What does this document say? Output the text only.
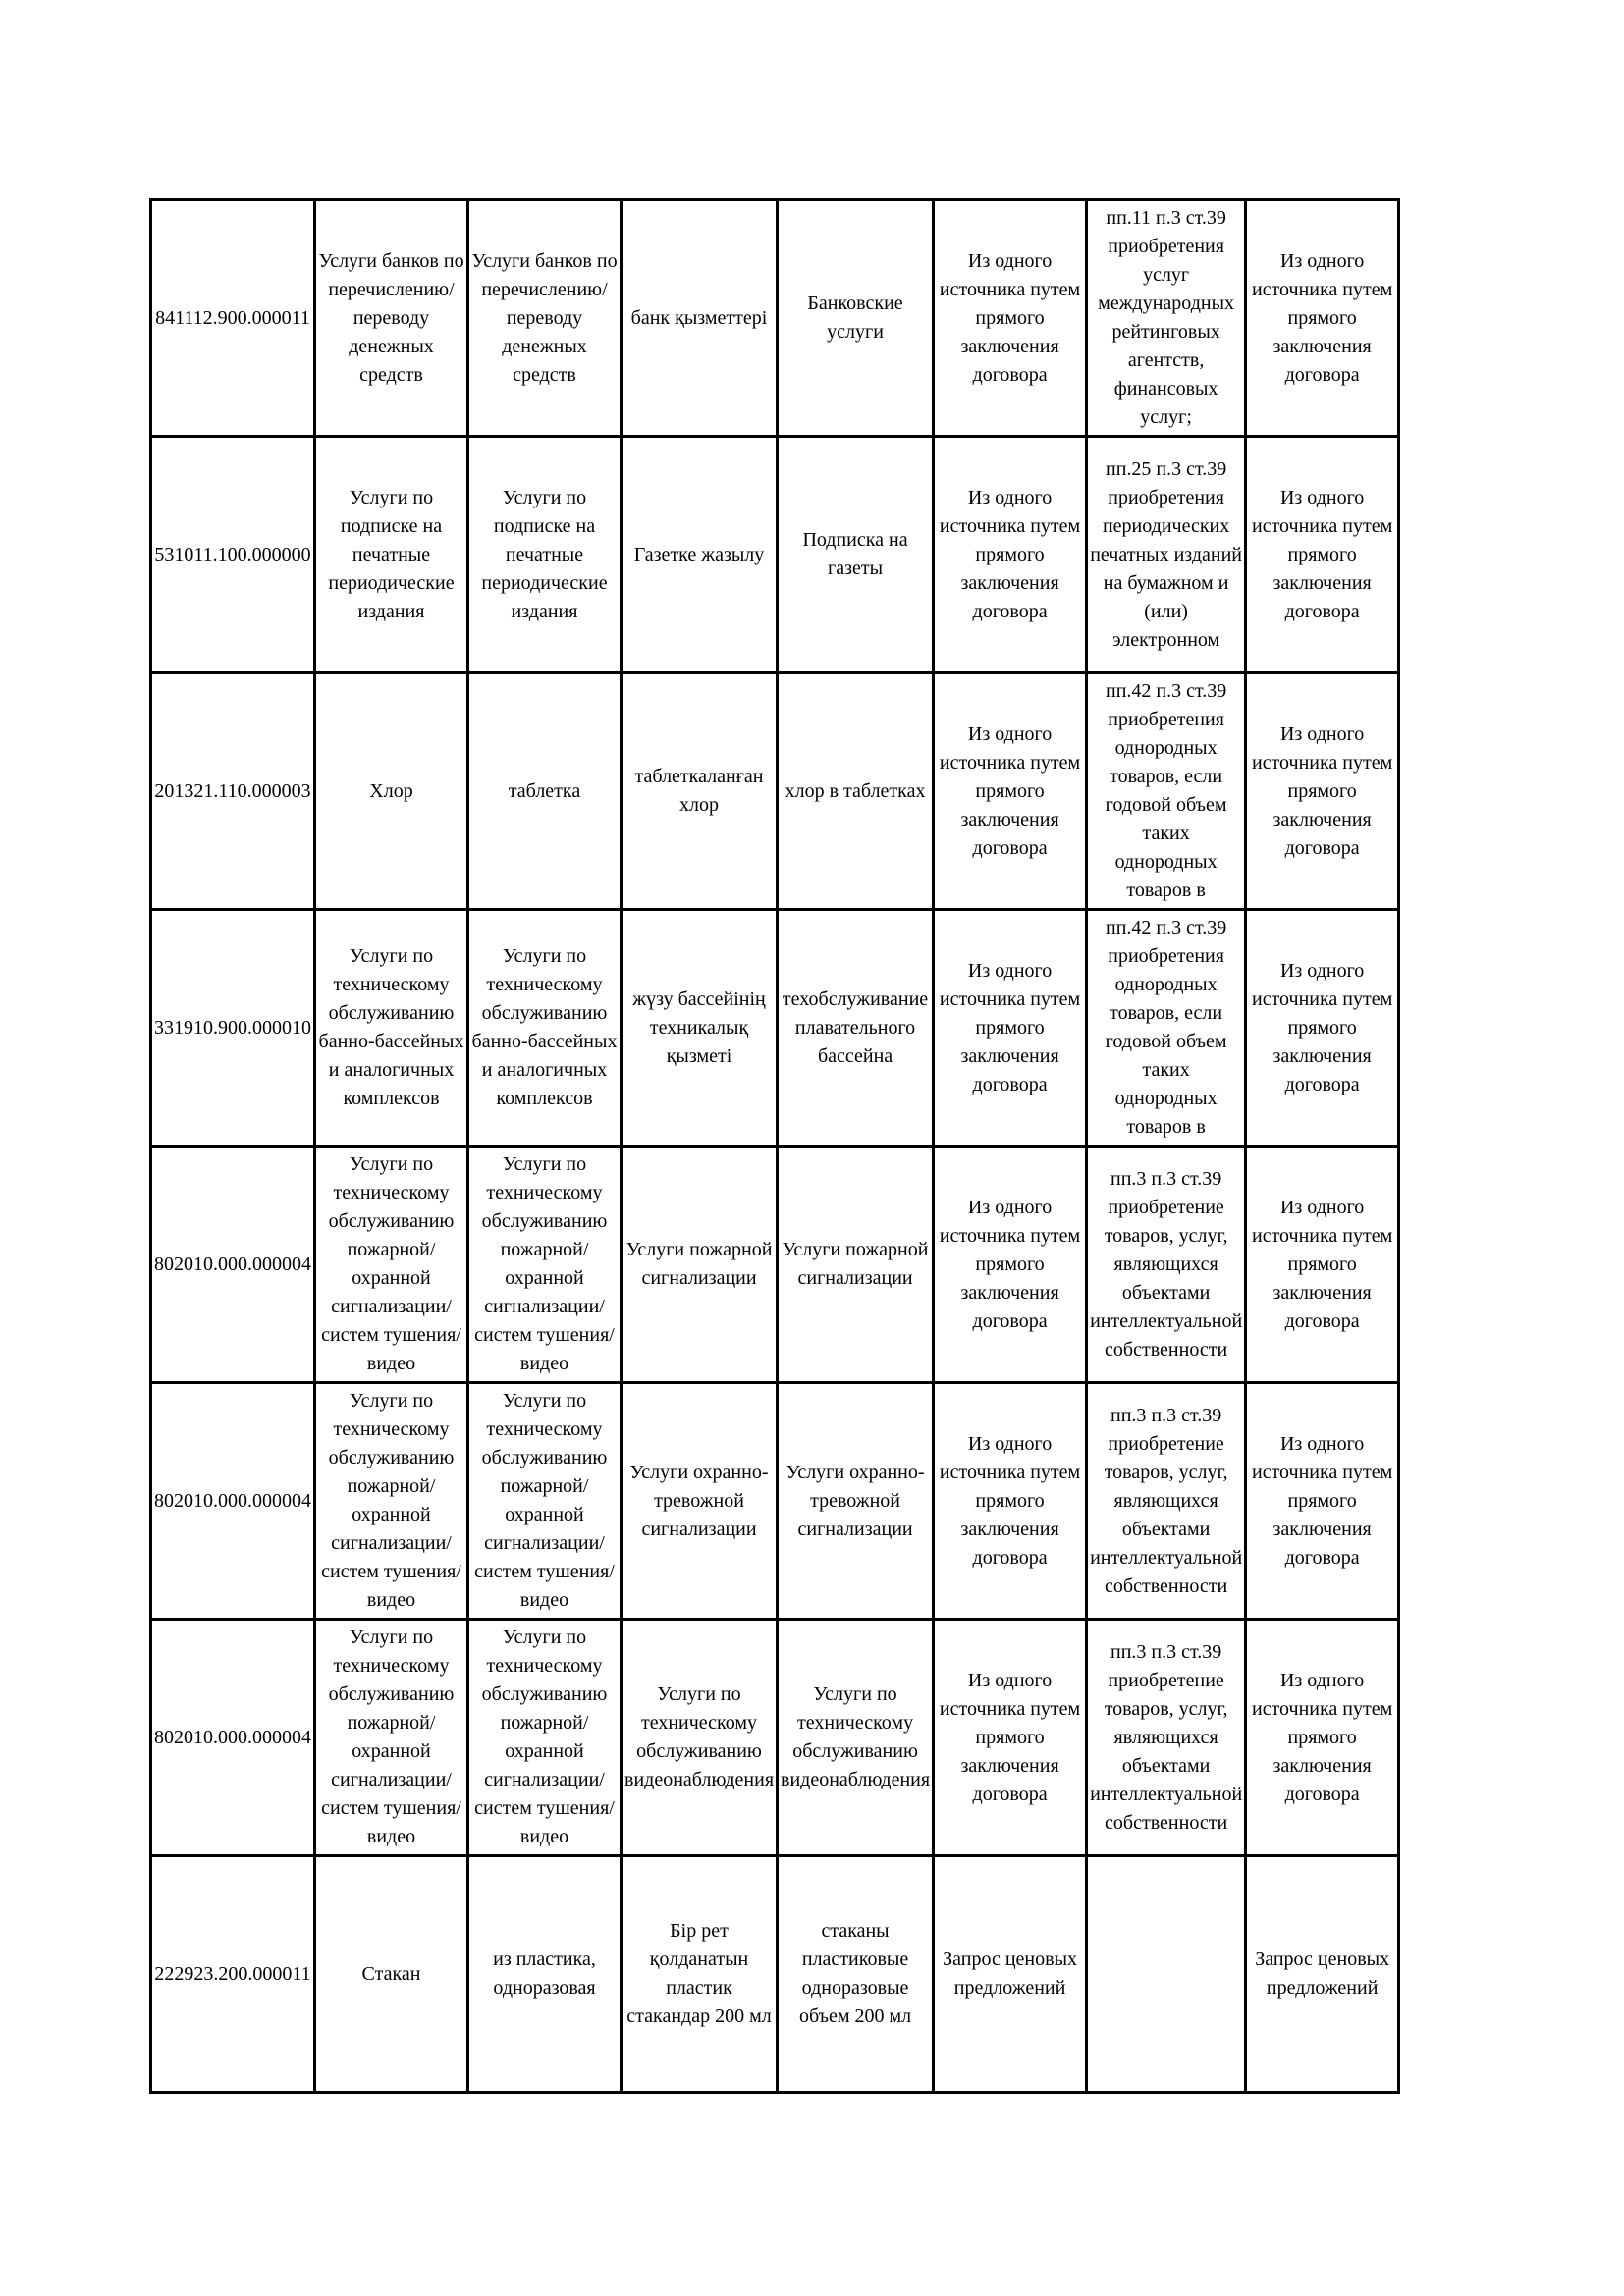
841112.900.000011	Услуги банков по перечислению/ переводу денежных средств	Услуги банков по перечислению/ переводу денежных средств	банк қызметтері	Банковские услуги	Из одного источника путем прямого заключения договора	пп.11 п.3 ст.39 приобретения услуг международных рейтинговых агентств, финансовых услуг;	Из одного источника путем прямого заключения договора

531011.100.000000	Услуги по подписке на печатные периодические издания	Услуги по подписке на печатные периодические издания	Газетке жазылу	Подписка на газеты	Из одного источника путем прямого заключения договора	пп.25 п.3 ст.39 приобретения периодических печатных изданий на бумажном и (или) электронном	Из одного источника путем прямого заключения договора

201321.110.000003	Хлор	таблетка	таблеткаланған хлор	хлор в таблетках	Из одного источника путем прямого заключения договора	пп.42 п.3 ст.39 приобретения однородных товаров, если годовой объем таких однородных товаров в	Из одного источника путем прямого заключения договора

331910.900.000010	Услуги по техническому обслуживанию банно-бассейных и аналогичных комплексов	Услуги по техническому обслуживанию банно-бассейных и аналогичных комплексов	жүзу бассейінің техникалық қызметі	техобслуживание плавательного бассейна	Из одного источника путем прямого заключения договора	пп.42 п.3 ст.39 приобретения однородных товаров, если годовой объем таких однородных товаров в	Из одного источника путем прямого заключения договора

802010.000.000004	Услуги по техническому обслуживанию пожарной/охранной сигнализации/ систем тушения/видео	Услуги по техническому обслуживанию пожарной/охранной сигнализации/ систем тушения/видео	Услуги пожарной сигнализации	Услуги пожарной сигнализации	Из одного источника путем прямого заключения договора	пп.3 п.3 ст.39 приобретение товаров, услуг, являющихся объектами интеллектуальной собственности	Из одного источника путем прямого заключения договора

802010.000.000004	Услуги по техническому обслуживанию пожарной/охранной сигнализации/ систем тушения/видео	Услуги по техническому обслуживанию пожарной/охранной сигнализации/ систем тушения/видео	Услуги охранно-тревожной сигнализации	Услуги охранно-тревожной сигнализации	Из одного источника путем прямого заключения договора	пп.3 п.3 ст.39 приобретение товаров, услуг, являющихся объектами интеллектуальной собственности	Из одного источника путем прямого заключения договора

802010.000.000004	Услуги по техническому обслуживанию пожарной/охранной сигнализации/ систем тушения/видео	Услуги по техническому обслуживанию пожарной/охранной сигнализации/ систем тушения/видео	Услуги по техническому обслуживанию видеонаблюдения	Услуги по техническому обслуживанию видеонаблюдения	Из одного источника путем прямого заключения договора	пп.3 п.3 ст.39 приобретение товаров, услуг, являющихся объектами интеллектуальной собственности	Из одного источника путем прямого заключения договора

222923.200.000011	Стакан	из пластика, одноразовая	Бір рет қолданатын пластик стакандар 200 мл	стаканы пластиковые одноразовые объем 200 мл	Запрос ценовых предложений		Запрос ценовых предложений
